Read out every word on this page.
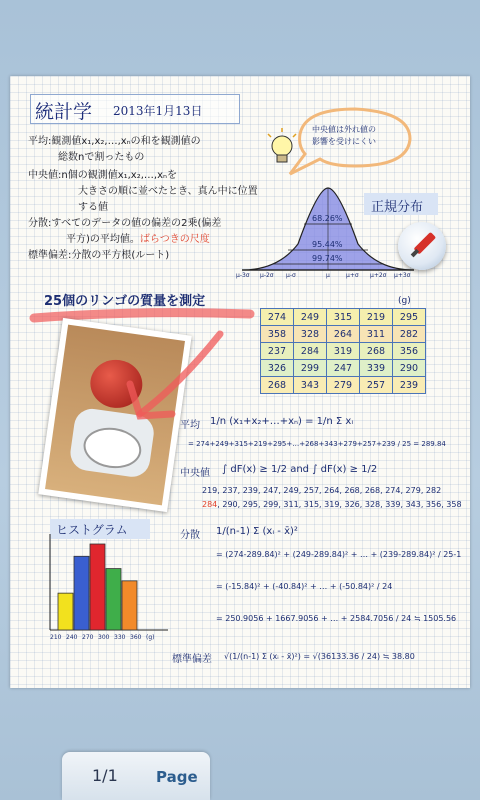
統計学 2013年1月13日
中央値は外れ値の
影響を受けにくい
平均:観測値x₁,x₂,…,xₙの和を観測値の
総数nで割ったもの
中央値:n個の観測値x₁,x₂,…,xₙを
大きさの順に並べたとき、真ん中に位置
する値
分散:すべてのデータの値の偏差の2乗(偏差
平方)の平均値。ばらつきの尺度
標準偏差:分散の平方根(ルート)
正規分布
68.26%
95.44%
99.74%
μ-3σ μ-2σ μ-σ	μ	μ+σ μ+2σ μ+3σ
25個のリンゴの質量を測定	(g)
274	249	315	219	295
358	328	264	311	282
237	284	319	268	356
326	299	247	339	290
268	343	279	257	239
平均 1/n (x₁+x₂+…+xₙ) = 1/n Σ xᵢ
= 274+249+315+219+295+…+268+343+279+257+239 / 25 = 289.84
中央値 ∫ dF(x) ≥ 1/2 and ∫ dF(x) ≥ 1/2
219, 237, 239, 247, 249, 257, 264, 268, 268, 274, 279, 282
284, 290, 295, 299, 311, 315, 319, 326, 328, 339, 343, 356, 358
分散 1/(n-1) Σ (xᵢ - x̄)²
= (274-289.84)² + (249-289.84)² + … + (239-289.84)² / 25-1
= (-15.84)² + (-40.84)² + … + (-50.84)² / 24
= 250.9056 + 1667.9056 + … + 2584.7056 / 24 ≒ 1505.56
標準偏差 √(1/(n-1) Σ (xᵢ - x̄)²) = √(36133.36 / 24) ≒ 38.80
ヒストグラム
210 240 270 300 330 360 (g)
1/1	Page
